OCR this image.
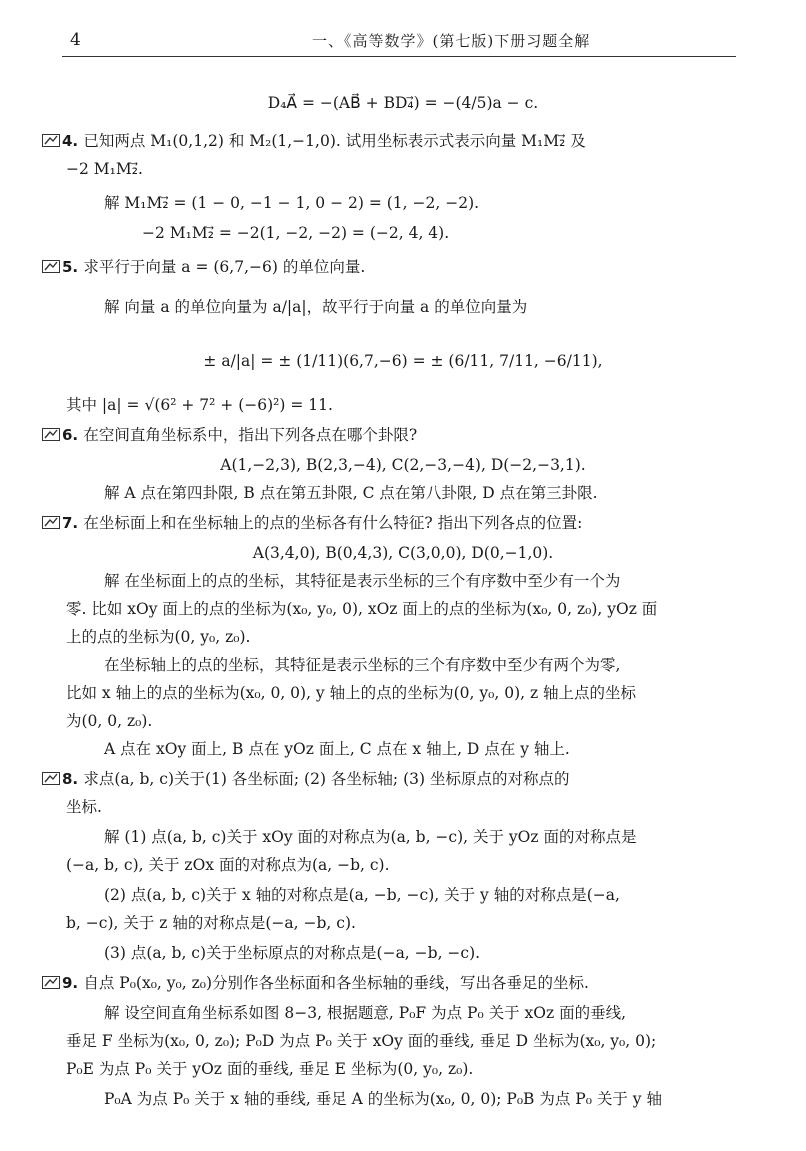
4	一、《高等数学》(第七版)下册习题全解
D₄A⃗ = −(AB⃗ + BD₄⃗) = −(4/5)a − c.
4. 已知两点 M₁(0,1,2) 和 M₂(1,−1,0). 试用坐标表示式表示向量 M₁M₂⃗ 及
−2 M₁M₂⃗.
解 M₁M₂⃗ = (1 − 0, −1 − 1, 0 − 2) = (1, −2, −2).
−2 M₁M₂⃗ = −2(1, −2, −2) = (−2, 4, 4).
5. 求平行于向量 a = (6,7,−6) 的单位向量.
解 向量 a 的单位向量为 a/|a|，故平行于向量 a 的单位向量为
± a/|a| = ± (1/11)(6,7,−6) = ± (6/11, 7/11, −6/11),
其中 |a| = √(6² + 7² + (−6)²) = 11.
6. 在空间直角坐标系中，指出下列各点在哪个卦限?
A(1,−2,3), B(2,3,−4), C(2,−3,−4), D(−2,−3,1).
解 A 点在第四卦限, B 点在第五卦限, C 点在第八卦限, D 点在第三卦限.
7. 在坐标面上和在坐标轴上的点的坐标各有什么特征? 指出下列各点的位置:
A(3,4,0), B(0,4,3), C(3,0,0), D(0,−1,0).
解 在坐标面上的点的坐标，其特征是表示坐标的三个有序数中至少有一个为
零. 比如 xOy 面上的点的坐标为(x₀, y₀, 0), xOz 面上的点的坐标为(x₀, 0, z₀), yOz 面
上的点的坐标为(0, y₀, z₀).
在坐标轴上的点的坐标，其特征是表示坐标的三个有序数中至少有两个为零,
比如 x 轴上的点的坐标为(x₀, 0, 0), y 轴上的点的坐标为(0, y₀, 0), z 轴上点的坐标
为(0, 0, z₀).
A 点在 xOy 面上, B 点在 yOz 面上, C 点在 x 轴上, D 点在 y 轴上.
8. 求点(a, b, c)关于(1) 各坐标面; (2) 各坐标轴; (3) 坐标原点的对称点的
坐标.
解 (1) 点(a, b, c)关于 xOy 面的对称点为(a, b, −c), 关于 yOz 面的对称点是
(−a, b, c), 关于 zOx 面的对称点为(a, −b, c).
(2) 点(a, b, c)关于 x 轴的对称点是(a, −b, −c), 关于 y 轴的对称点是(−a,
b, −c), 关于 z 轴的对称点是(−a, −b, c).
(3) 点(a, b, c)关于坐标原点的对称点是(−a, −b, −c).
9. 自点 P₀(x₀, y₀, z₀)分别作各坐标面和各坐标轴的垂线，写出各垂足的坐标.
解 设空间直角坐标系如图 8−3, 根据题意, P₀F 为点 P₀ 关于 xOz 面的垂线,
垂足 F 坐标为(x₀, 0, z₀); P₀D 为点 P₀ 关于 xOy 面的垂线, 垂足 D 坐标为(x₀, y₀, 0);
P₀E 为点 P₀ 关于 yOz 面的垂线, 垂足 E 坐标为(0, y₀, z₀).
P₀A 为点 P₀ 关于 x 轴的垂线, 垂足 A 的坐标为(x₀, 0, 0); P₀B 为点 P₀ 关于 y 轴
